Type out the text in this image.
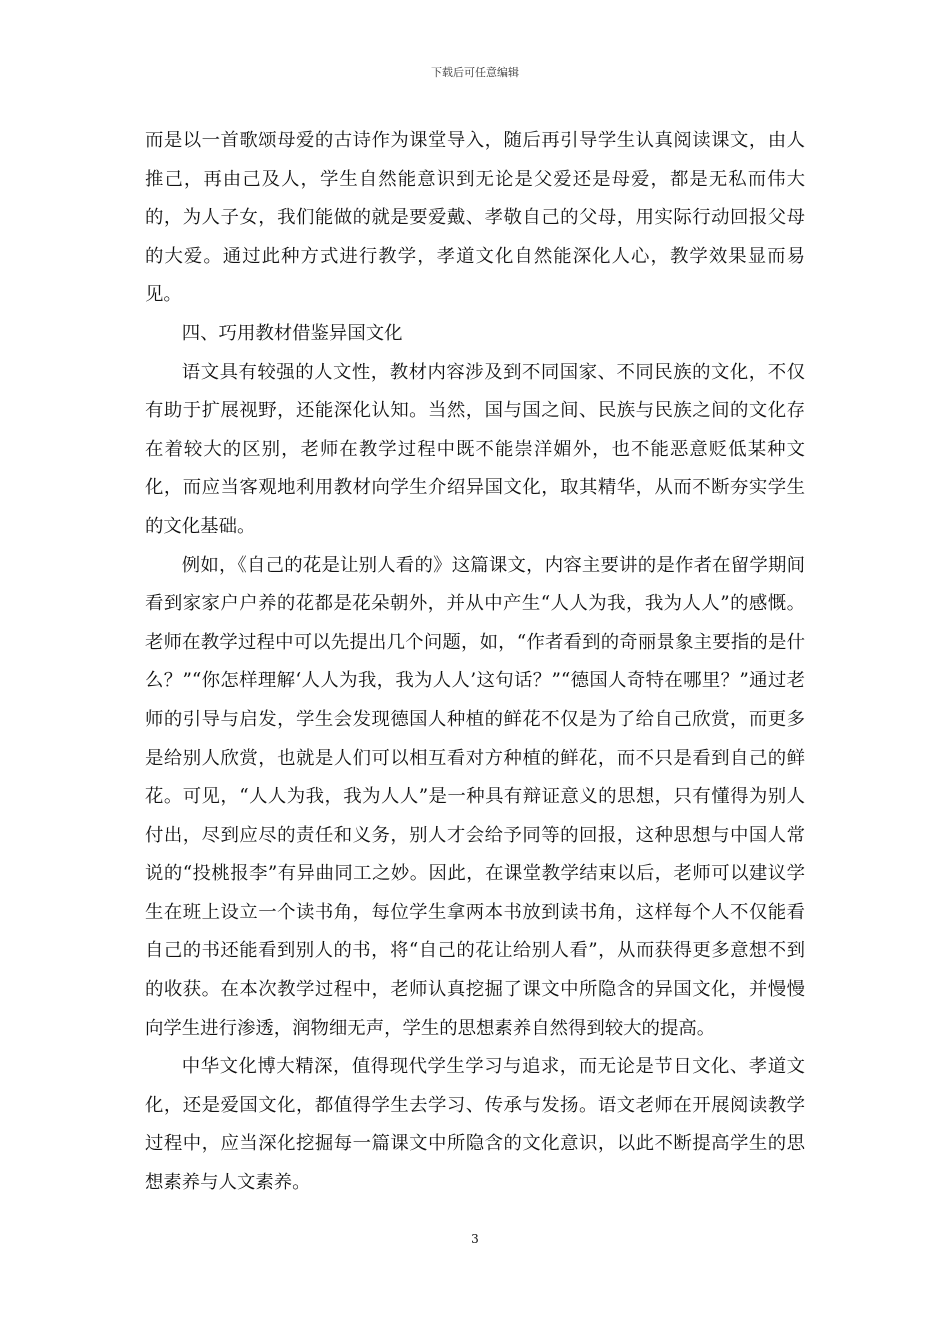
下载后可任意编辑

而是以一首歌颂母爱的古诗作为课堂导入，随后再引导学生认真阅读课文，由人推己，再由己及人，学生自然能意识到无论是父爱还是母爱，都是无私而伟大的，为人子女，我们能做的就是要爱戴、孝敬自己的父母，用实际行动回报父母的大爱。通过此种方式进行教学，孝道文化自然能深化人心，教学效果显而易见。

四、巧用教材借鉴异国文化

语文具有较强的人文性，教材内容涉及到不同国家、不同民族的文化，不仅有助于扩展视野，还能深化认知。当然，国与国之间、民族与民族之间的文化存在着较大的区别，老师在教学过程中既不能崇洋媚外，也不能恶意贬低某种文化，而应当客观地利用教材向学生介绍异国文化，取其精华，从而不断夯实学生的文化基础。

例如，《自己的花是让别人看的》这篇课文，内容主要讲的是作者在留学期间看到家家户户养的花都是花朵朝外，并从中产生“人人为我，我为人人”的感慨。老师在教学过程中可以先提出几个问题，如，“作者看到的奇丽景象主要指的是什么？”“你怎样理解‘人人为我，我为人人’这句话？”“德国人奇特在哪里？”通过老师的引导与启发，学生会发现德国人种植的鲜花不仅是为了给自己欣赏，而更多是给别人欣赏，也就是人们可以相互看对方种植的鲜花，而不只是看到自己的鲜花。可见，“人人为我，我为人人”是一种具有辩证意义的思想，只有懂得为别人付出，尽到应尽的责任和义务，别人才会给予同等的回报，这种思想与中国人常说的“投桃报李”有异曲同工之妙。因此，在课堂教学结束以后，老师可以建议学生在班上设立一个读书角，每位学生拿两本书放到读书角，这样每个人不仅能看自己的书还能看到别人的书，将“自己的花让给别人看”，从而获得更多意想不到的收获。在本次教学过程中，老师认真挖掘了课文中所隐含的异国文化，并慢慢向学生进行渗透，润物细无声，学生的思想素养自然得到较大的提高。

中华文化博大精深，值得现代学生学习与追求，而无论是节日文化、孝道文化，还是爱国文化，都值得学生去学习、传承与发扬。语文老师在开展阅读教学过程中，应当深化挖掘每一篇课文中所隐含的文化意识，以此不断提高学生的思想素养与人文素养。

3
